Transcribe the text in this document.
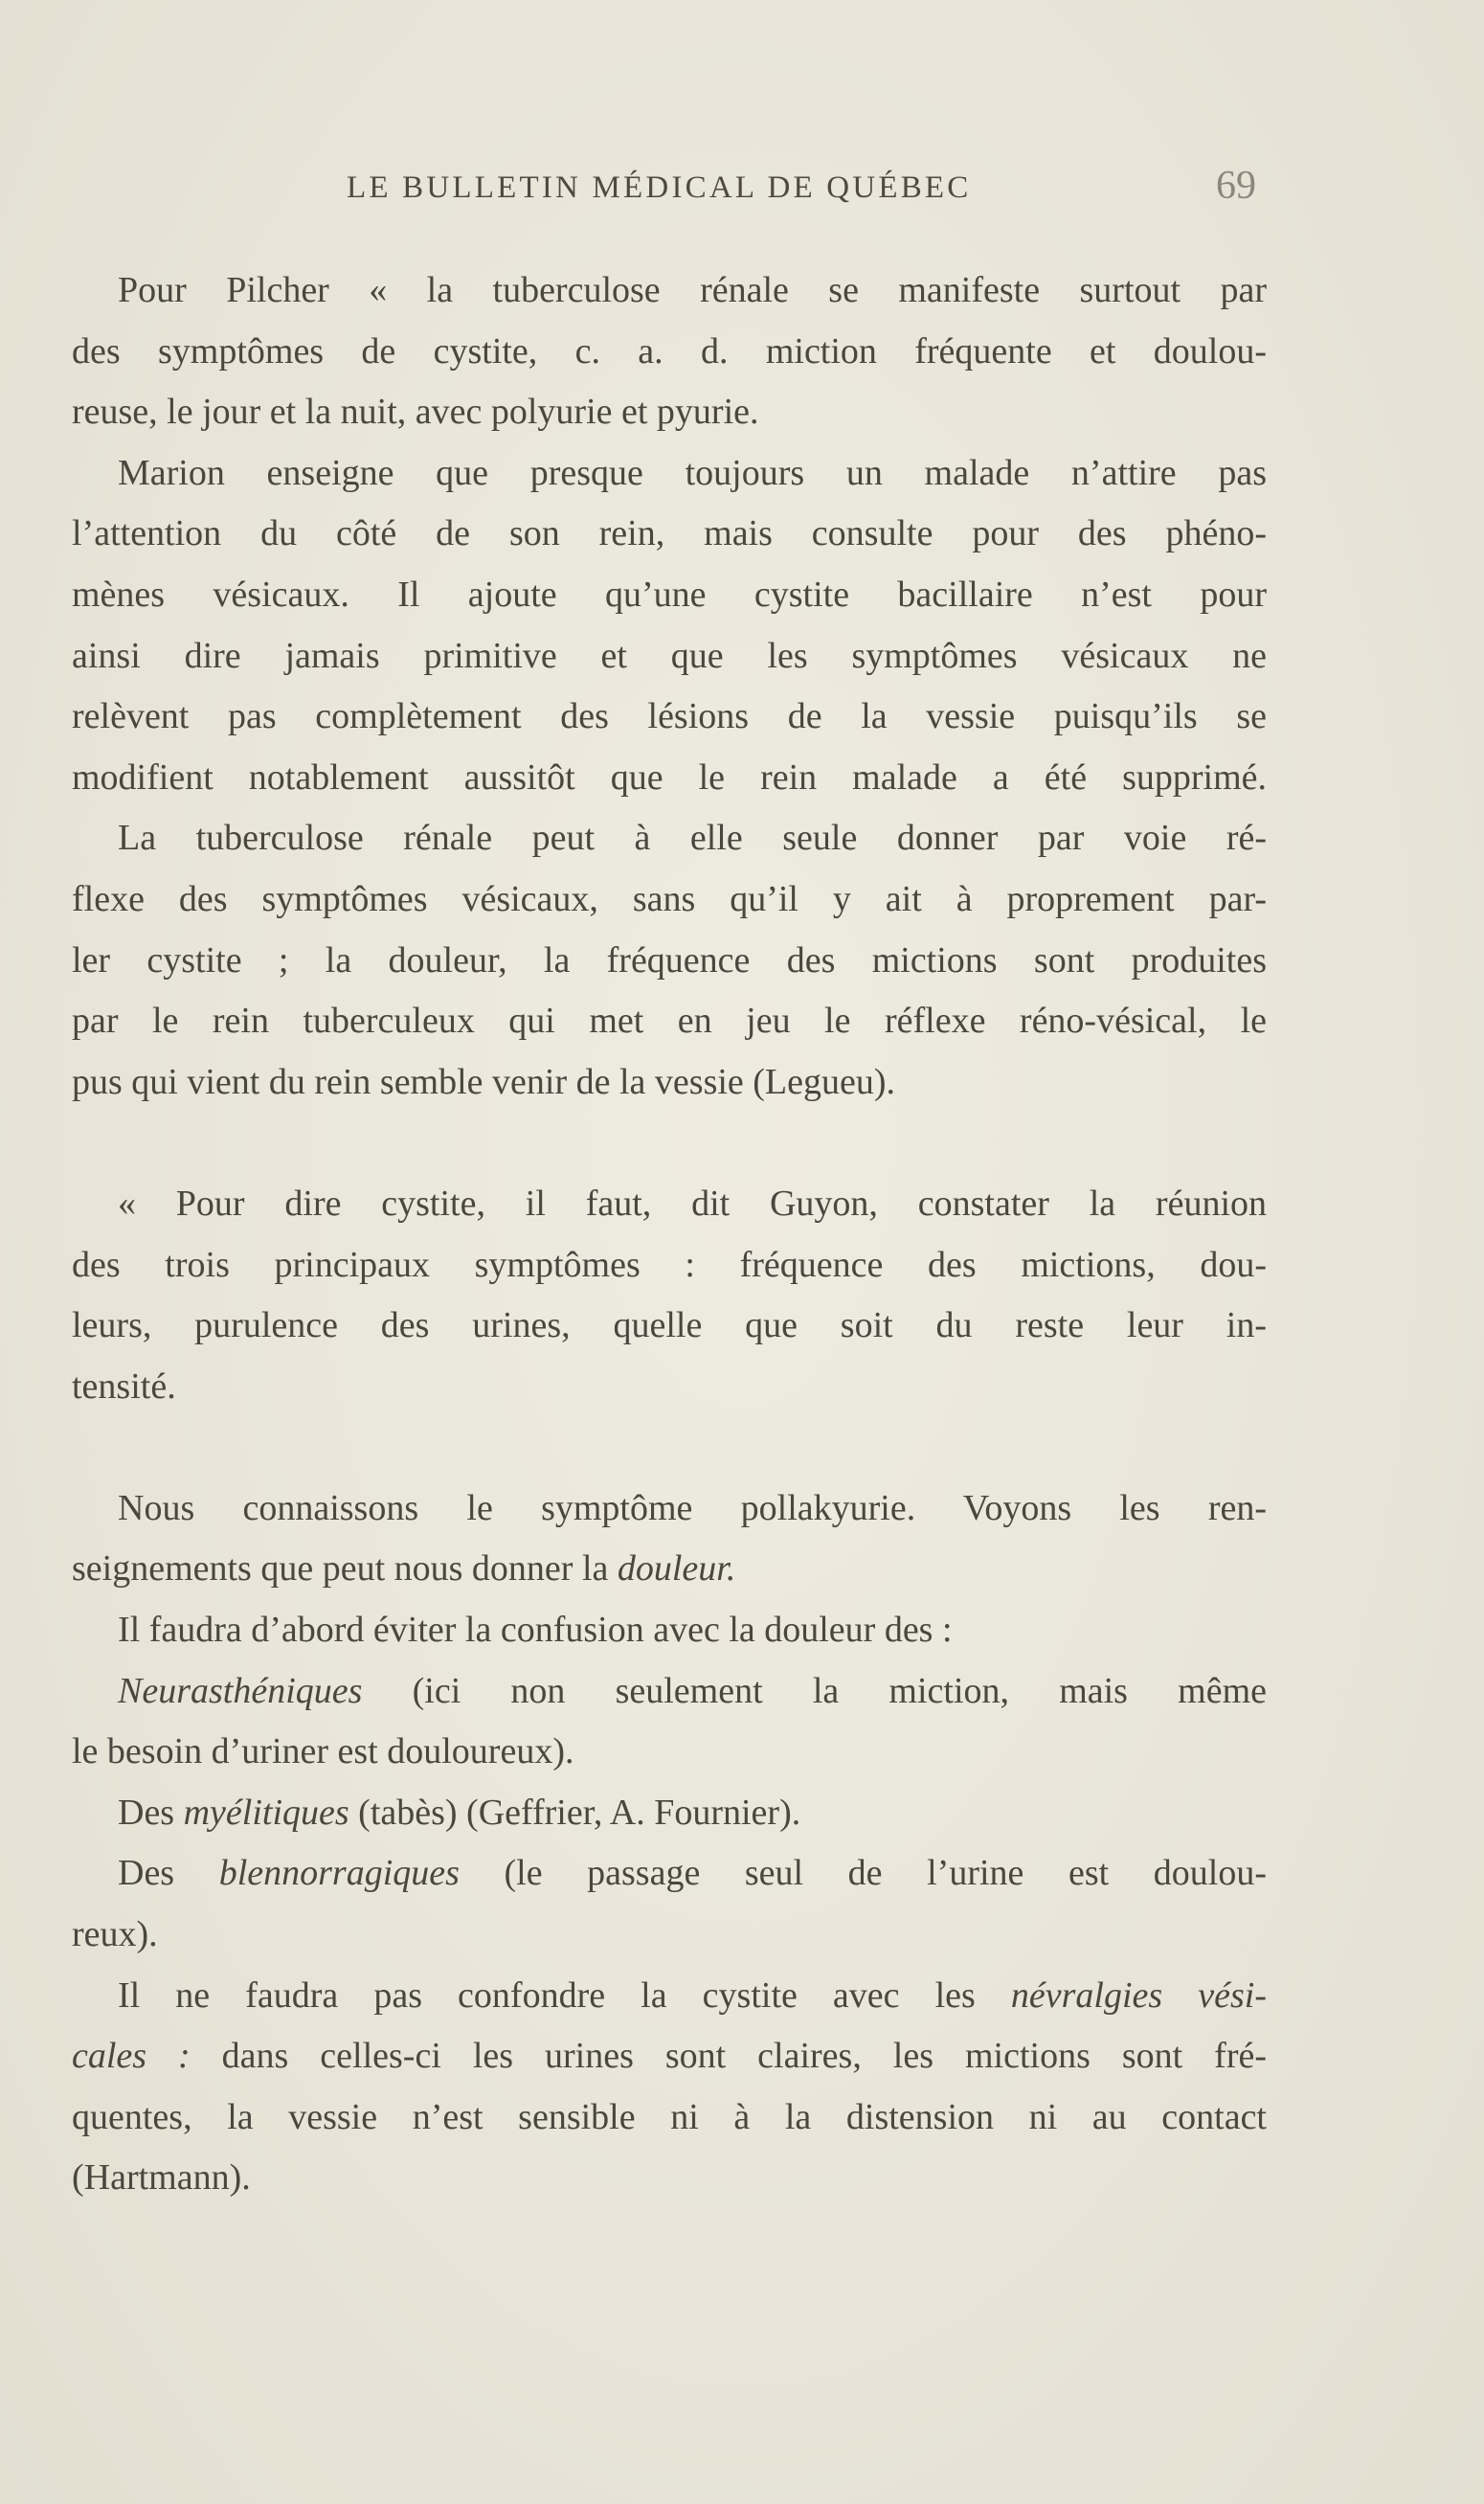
LE BULLETIN MÉDICAL DE QUÉBEC	69
Pour Pilcher « la tuberculose rénale se manifeste surtout par
des symptômes de cystite, c. a. d. miction fréquente et doulou-
reuse, le jour et la nuit, avec polyurie et pyurie.
Marion enseigne que presque toujours un malade n’attire pas
l’attention du côté de son rein, mais consulte pour des phéno-
mènes vésicaux. Il ajoute qu’une cystite bacillaire n’est pour
ainsi dire jamais primitive et que les symptômes vésicaux ne
relèvent pas complètement des lésions de la vessie puisqu’ils se
modifient notablement aussitôt que le rein malade a été supprimé.
La tuberculose rénale peut à elle seule donner par voie ré-
flexe des symptômes vésicaux, sans qu’il y ait à proprement par-
ler cystite ; la douleur, la fréquence des mictions sont produites
par le rein tuberculeux qui met en jeu le réflexe réno-vésical, le
pus qui vient du rein semble venir de la vessie (Legueu).
« Pour dire cystite, il faut, dit Guyon, constater la réunion
des trois principaux symptômes : fréquence des mictions, dou-
leurs, purulence des urines, quelle que soit du reste leur in-
tensité.
Nous connaissons le symptôme pollakyurie. Voyons les ren-
seignements que peut nous donner la douleur.
Il faudra d’abord éviter la confusion avec la douleur des :
Neurasthéniques (ici non seulement la miction, mais même
le besoin d’uriner est douloureux).
Des myélitiques (tabès) (Geffrier, A. Fournier).
Des blennorragiques (le passage seul de l’urine est doulou-
reux).
Il ne faudra pas confondre la cystite avec les névralgies vési-
cales : dans celles-ci les urines sont claires, les mictions sont fré-
quentes, la vessie n’est sensible ni à la distension ni au contact
(Hartmann).
